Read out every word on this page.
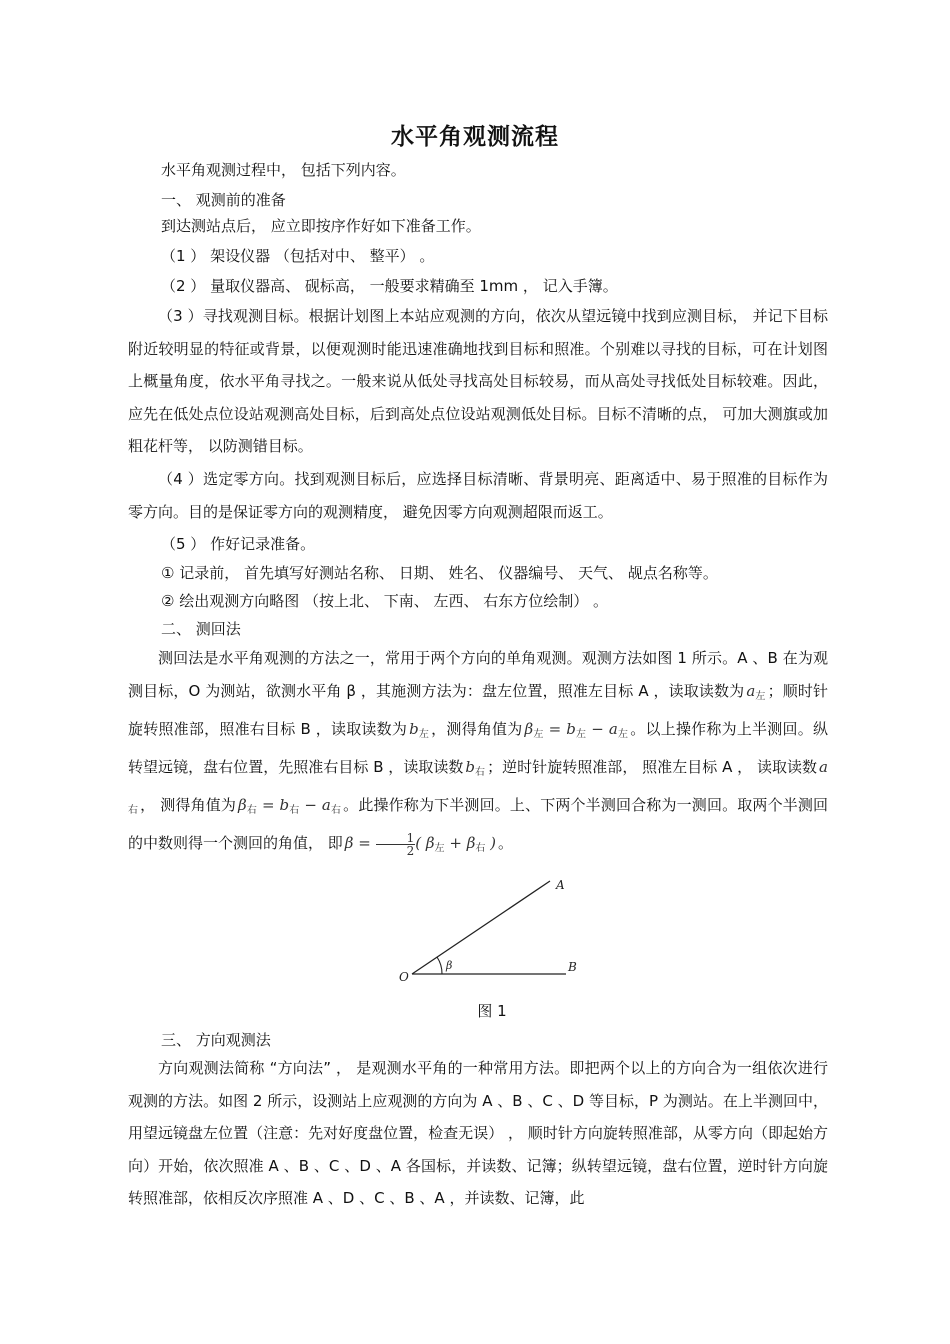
水平角观测流程
水平角观测过程中， 包括下列内容。
一、 观测前的准备
到达测站点后， 应立即按序作好如下准备工作。
（1 ） 架设仪器 （包括对中、 整平） 。
（2 ） 量取仪器高、 砚标高， 一般要求精确至 1mm ， 记入手簿。
（3 ）寻找观测目标。根据计划图上本站应观测的方向，依次从望远镜中找到应测目标， 并记下目标附近较明显的特征或背景，以便观测时能迅速准确地找到目标和照准。个别难以寻找的目标，可在计划图上概量角度，依水平角寻找之。一般来说从低处寻找高处目标较易，而从高处寻找低处目标较难。因此，应先在低处点位设站观测高处目标，后到高处点位设站观测低处目标。目标不清晰的点， 可加大测旗或加粗花杆等， 以防测错目标。
（4 ）选定零方向。找到观测目标后，应选择目标清晰、背景明亮、距离适中、易于照准的目标作为零方向。目的是保证零方向的观测精度， 避免因零方向观测超限而返工。
（5 ） 作好记录准备。
① 记录前， 首先填写好测站名称、 日期、 姓名、 仪器编号、 天气、 觇点名称等。
② 绘出观测方向略图 （按上北、 下南、 左西、 右东方位绘制） 。
二、 测回法
测回法是水平角观测的方法之一，常用于两个方向的单角观测。观测方法如图 1 所示。A 、B 在为观测目标，O 为测站，欲测水平角 β ，其施测方法为：盘左位置，照准左目标 A ，读取读数为 $a_左$ ；顺时针旋转照准部，照准右目标 B ，读取读数为 $b_左$ ，测得角值为 $\beta_左 = b_左 - a_左$ 。以上操作称为上半测回。纵转望远镜，盘右位置，先照准右目标 B ，读取读数 $b_右$ ；逆时针旋转照准部， 照准左目标 A ， 读取读数 $a_右$ ， 测得角值为 $\beta_右 = b_右 - a_右$ 。此操作称为下半测回。上、下两个半测回合称为一测回。取两个半测回的中数则得一个测回的角值， 即 $\beta = \frac{1}{2}$ ( $\beta_左 + \beta_右$ ) 。
A
B
O
β
图 1
三、 方向观测法
方向观测法简称 “方向法” ， 是观测水平角的一种常用方法。即把两个以上的方向合为一组依次进行观测的方法。如图 2 所示，设测站上应观测的方向为 A 、B 、C 、D 等目标，P 为测站。在上半测回中，用望远镜盘左位置（注意：先对好度盘位置，检查无误） ， 顺时针方向旋转照准部，从零方向（即起始方向）开始，依次照准 A 、B 、C 、D 、A 各国标，并读数、记簿；纵转望远镜，盘右位置，逆时针方向旋转照准部，依相反次序照准 A 、D 、C 、B 、A ，并读数、记簿，此
